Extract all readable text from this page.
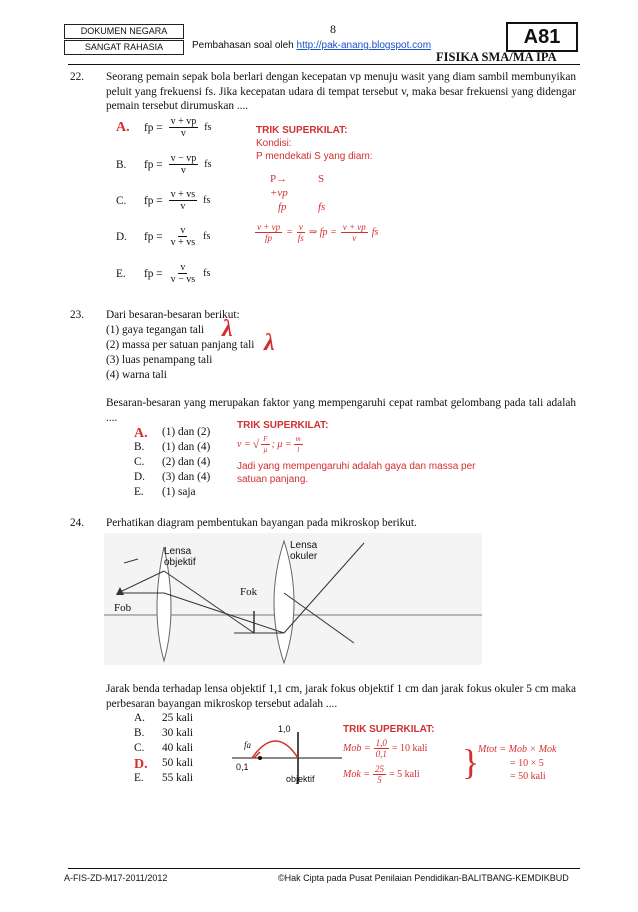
DOKUMEN NEGARA
SANGAT RAHASIA
8
Pembahasan soal oleh http://pak-anang.blogspot.com	A81
FISIKA SMA/MA IPA
22. Seorang pemain sepak bola berlari dengan kecepatan vp menuju wasit yang diam sambil membunyikan peluit yang frekuensi fs. Jika kecepatan udara di tempat tersebut v, maka besar frekuensi yang didengar pemain tersebut dirumuskan ....
A.	fp = $\frac{v + vp}{v}$ fs
B.	fp = $\frac{v - vp}{v}$ fs
C.	fp = $\frac{v + vs}{v}$ fs
D.	fp = $\frac{v}{v + vs}$ fs
E.	fp = $\frac{v}{v - vs}$ fs
TRIK SUPERKILAT:
Kondisi:
P mendekati S yang diam:
P→	S
+vp
fp	fs
$\frac{v + vp}{fp} = \frac{v}{fs}$ ⇒ fp = $\frac{v + vp}{v}$ fs
23. Dari besaran-besaran berikut:
(1) gaya tegangan tali
(2) massa per satuan panjang tali
(3) luas penampang tali
(4) warna tali
λ
λ
Besaran-besaran yang merupakan faktor yang mempengaruhi cepat rambat gelombang pada tali adalah ....
A. (1) dan (2)
B.	(1) dan (4)
C.	(2) dan (4)
D. (3) dan (4)
E.	(1) saja
TRIK SUPERKILAT:
v = √ F
μ ; $\mu = \frac{m}{l}$
Jadi yang mempengaruhi adalah gaya dan massa per satuan panjang.
24. Perhatikan diagram pembentukan bayangan pada mikroskop berikut.
Lensa objektif
Lensa okuler
Fob
Fok
Jarak benda terhadap lensa objektif 1,1 cm, jarak fokus objektif 1 cm dan jarak fokus okuler 5 cm maka perbesaran bayangan mikroskop tersebut adalah ....
A. 25 kali
B.	30 kali
C.	40 kali
D. 50 kali
E.	55 kali
1,0
fa
0,1
objektif
TRIK SUPERKILAT:
Mob = $\frac{1,0}{0,1} = 10$ kali
Mok = $\frac{25}{5} = 5$ kali }
Mtot = Mob × Mok
= 10 × 5
= 50 kali
A-FIS-ZD-M17-2011/2012	©Hak Cipta pada Pusat Penilaian Pendidikan-BALITBANG-KEMDIKBUD
